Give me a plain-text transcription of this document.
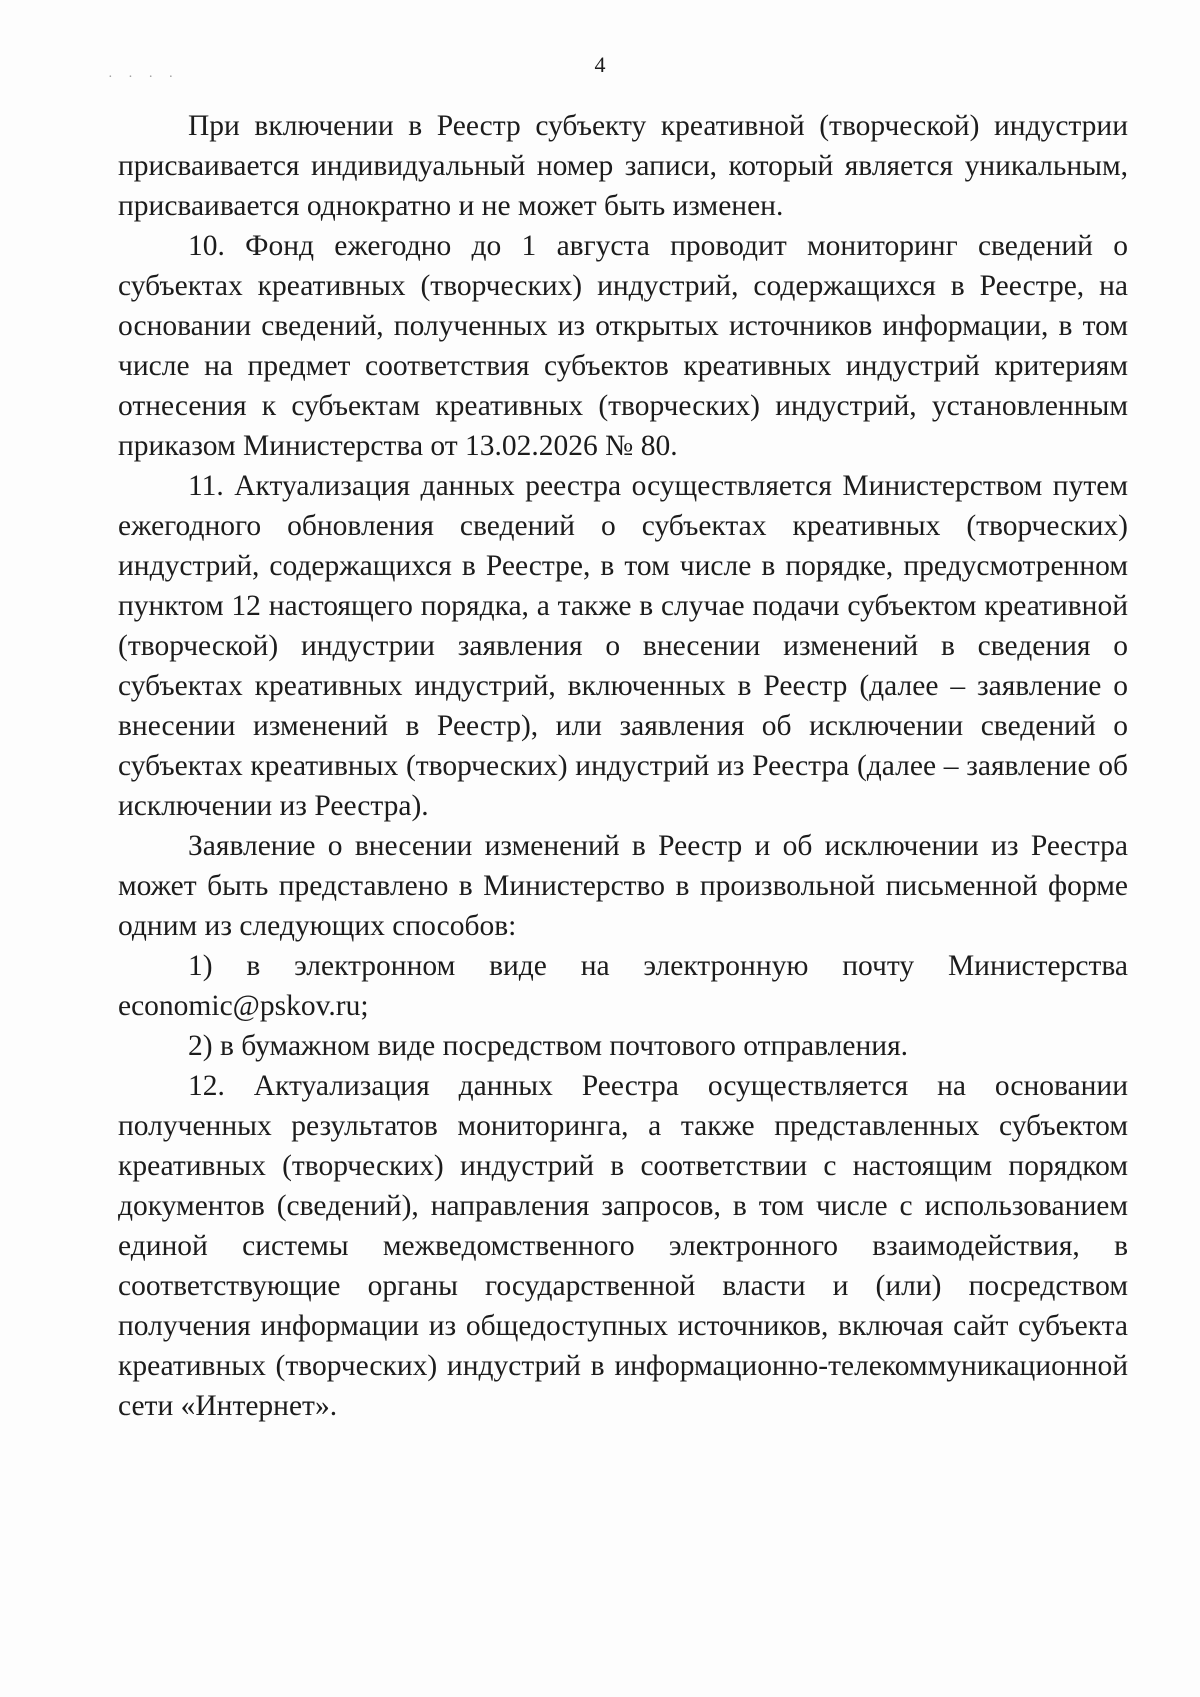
· · · ·
4

При включении в Реестр субъекту креативной (творческой) индустрии присваивается индивидуальный номер записи, который является уникальным, присваивается однократно и не может быть изменен.

10. Фонд ежегодно до 1 августа проводит мониторинг сведений о субъектах креативных (творческих) индустрий, содержащихся в Реестре, на основании сведений, полученных из открытых источников информации, в том числе на предмет соответствия субъектов креативных индустрий критериям отнесения к субъектам креативных (творческих) индустрий, установленным приказом Министерства от 13.02.2026 № 80.

11. Актуализация данных реестра осуществляется Министерством путем ежегодного обновления сведений о субъектах креативных (творческих) индустрий, содержащихся в Реестре, в том числе в порядке, предусмотренном пунктом 12 настоящего порядка, а также в случае подачи субъектом креативной (творческой) индустрии заявления о внесении изменений в сведения о субъектах креативных индустрий, включенных в Реестр (далее – заявление о внесении изменений в Реестр), или заявления об исключении сведений о субъектах креативных (творческих) индустрий из Реестра (далее – заявление об исключении из Реестра).

Заявление о внесении изменений в Реестр и об исключении из Реестра может быть представлено в Министерство в произвольной письменной форме одним из следующих способов:

1) в электронном виде на электронную почту Министерства economic@pskov.ru;

2) в бумажном виде посредством почтового отправления.

12. Актуализация данных Реестра осуществляется на основании полученных результатов мониторинга, а также представленных субъектом креативных (творческих) индустрий в соответствии с настоящим порядком документов (сведений), направления запросов, в том числе с использованием единой системы межведомственного электронного взаимодействия, в соответствующие органы государственной власти и (или) посредством получения информации из общедоступных источников, включая сайт субъекта креативных (творческих) индустрий в информационно-телекоммуникационной сети «Интернет».
